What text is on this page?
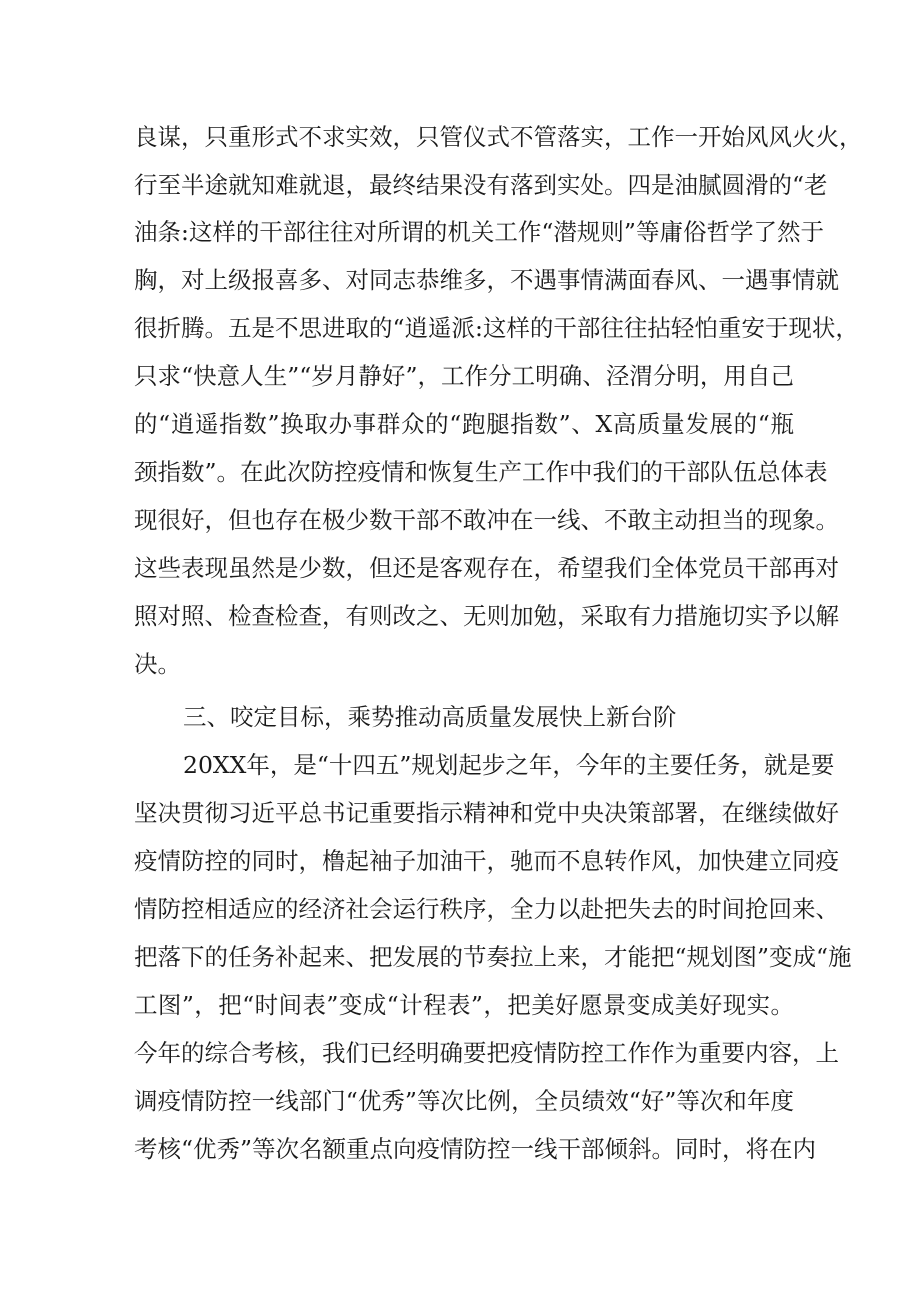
良谋，只重形式不求实效，只管仪式不管落实，工作一开始风风火火，
行至半途就知难就退，最终结果没有落到实处。四是油腻圆滑的“老
油条:这样的干部往往对所谓的机关工作“潜规则”等庸俗哲学了然于
胸，对上级报喜多、对同志恭维多，不遇事情满面春风、一遇事情就
很折腾。五是不思进取的“逍遥派:这样的干部往往拈轻怕重安于现状，
只求“快意人生”“岁月静好”，工作分工明确、泾渭分明，用自己
的“逍遥指数”换取办事群众的“跑腿指数”、X高质量发展的“瓶
颈指数”。在此次防控疫情和恢复生产工作中我们的干部队伍总体表
现很好，但也存在极少数干部不敢冲在一线、不敢主动担当的现象。
这些表现虽然是少数，但还是客观存在，希望我们全体党员干部再对
照对照、检查检查，有则改之、无则加勉，采取有力措施切实予以解
决。
三、咬定目标，乘势推动高质量发展快上新台阶
20XX年，是“十四五”规划起步之年，今年的主要任务，就是要
坚决贯彻习近平总书记重要指示精神和党中央决策部署，在继续做好
疫情防控的同时，橹起袖子加油干，驰而不息转作风，加快建立同疫
情防控相适应的经济社会运行秩序，全力以赴把失去的时间抢回来、
把落下的任务补起来、把发展的节奏拉上来，才能把“规划图”变成“施
工图”，把“时间表”变成“计程表”，把美好愿景变成美好现实。
今年的综合考核，我们已经明确要把疫情防控工作作为重要内容，上
调疫情防控一线部门“优秀”等次比例，全员绩效“好”等次和年度
考核“优秀”等次名额重点向疫情防控一线干部倾斜。同时，将在内
